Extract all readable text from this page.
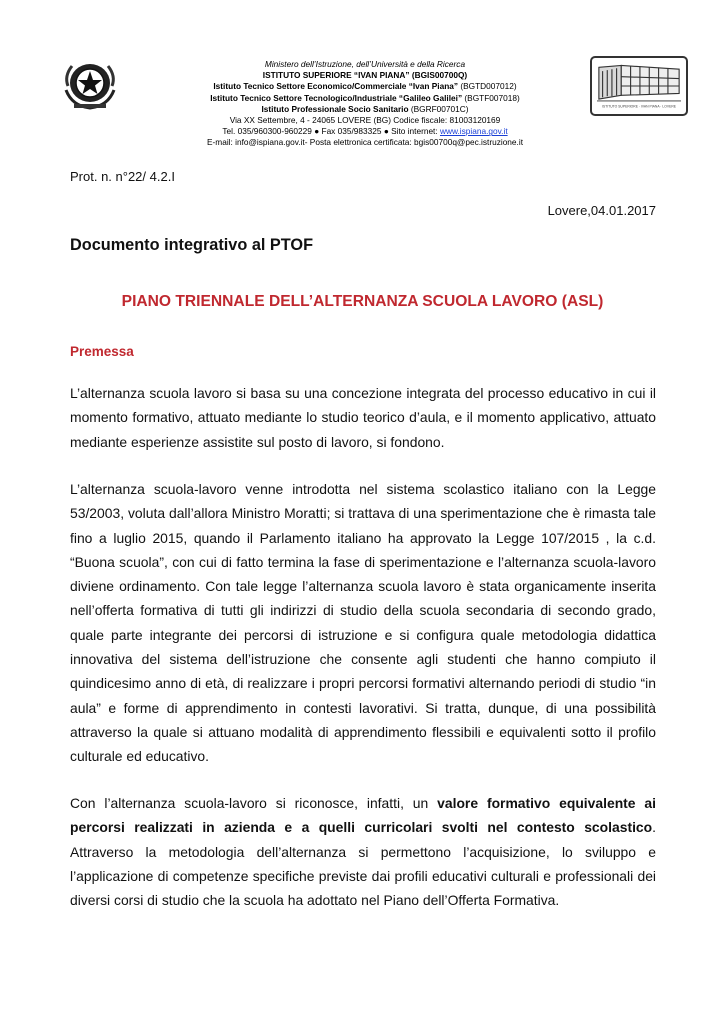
Ministero dell’Istruzione, dell’Università e della Ricerca
ISTITUTO SUPERIORE “IVAN PIANA” (BGIS00700Q)
Istituto Tecnico Settore Economico/Commerciale “Ivan Piana” (BGTD007012)
Istituto Tecnico Settore Tecnologico/Industriale “Galileo Galilei” (BGTF007018)
Istituto Professionale Socio Sanitario (BGRF00701C)
Via XX Settembre, 4 - 24065 LOVERE (BG) Codice fiscale: 81003120169
Tel. 035/960300-960229 ● Fax 035/983325 ● Sito internet: www.ispiana.gov.it
E-mail: info@ispiana.gov.it- Posta elettronica certificata: bgis00700q@pec.istruzione.it
ISTITUTO SUPERIORE · IVAN PIANA · LOVERE
Prot. n. n°22/ 4.2.I
Lovere,04.01.2017
Documento integrativo al PTOF
PIANO TRIENNALE DELL’ALTERNANZA SCUOLA LAVORO (ASL)
Premessa

L’alternanza scuola lavoro si basa su una concezione integrata del processo educativo in cui il momento formativo, attuato mediante lo studio teorico d’aula, e il momento applicativo, attuato mediante esperienze assistite sul posto di lavoro, si fondono.

L’alternanza scuola-lavoro venne introdotta nel sistema scolastico italiano con la Legge 53/2003, voluta dall’allora Ministro Moratti; si trattava di una sperimentazione che è rimasta tale fino a luglio 2015, quando il Parlamento italiano ha approvato la Legge 107/2015 , la c.d. “Buona scuola”, con cui di fatto termina la fase di sperimentazione e l’alternanza scuola-lavoro diviene ordinamento. Con tale legge l’alternanza scuola lavoro è stata organicamente inserita nell’offerta formativa di tutti gli indirizzi di studio della scuola secondaria di secondo grado, quale parte integrante dei percorsi di istruzione e si configura quale metodologia didattica innovativa del sistema dell’istruzione che consente agli studenti che hanno compiuto il quindicesimo anno di età, di realizzare i propri percorsi formativi alternando periodi di studio “in aula” e forme di apprendimento in contesti lavorativi. Si tratta, dunque, di una possibilità attraverso la quale si attuano modalità di apprendimento flessibili e equivalenti sotto il profilo culturale ed educativo.

Con l’alternanza scuola-lavoro si riconosce, infatti, un valore formativo equivalente ai percorsi realizzati in azienda e a quelli curricolari svolti nel contesto scolastico. Attraverso la metodologia dell’alternanza si permettono l’acquisizione, lo sviluppo e l’applicazione di competenze specifiche previste dai profili educativi culturali e professionali dei diversi corsi di studio che la scuola ha adottato nel Piano dell’Offerta Formativa.
